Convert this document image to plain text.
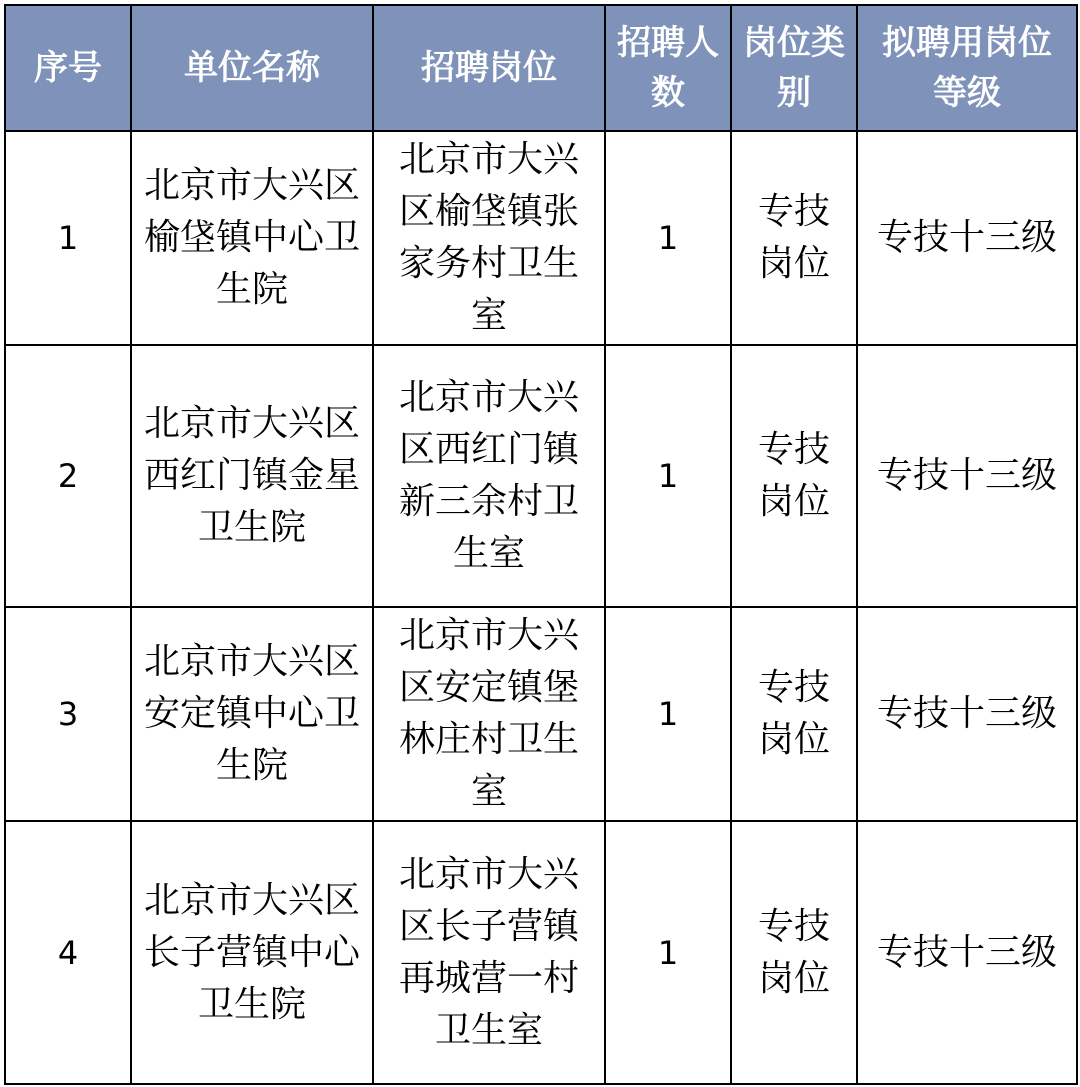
序号	单位名称	招聘岗位	招聘人数	岗位类别	拟聘用岗位等级
1	北京市大兴区榆垡镇中心卫生院	北京市大兴区榆垡镇张家务村卫生室	1	专技岗位	专技十三级
2	北京市大兴区西红门镇金星卫生院	北京市大兴区西红门镇新三余村卫生室	1	专技岗位	专技十三级
3	北京市大兴区安定镇中心卫生院	北京市大兴区安定镇堡林庄村卫生室	1	专技岗位	专技十三级
4	北京市大兴区长子营镇中心卫生院	北京市大兴区长子营镇再城营一村卫生室	1	专技岗位	专技十三级
